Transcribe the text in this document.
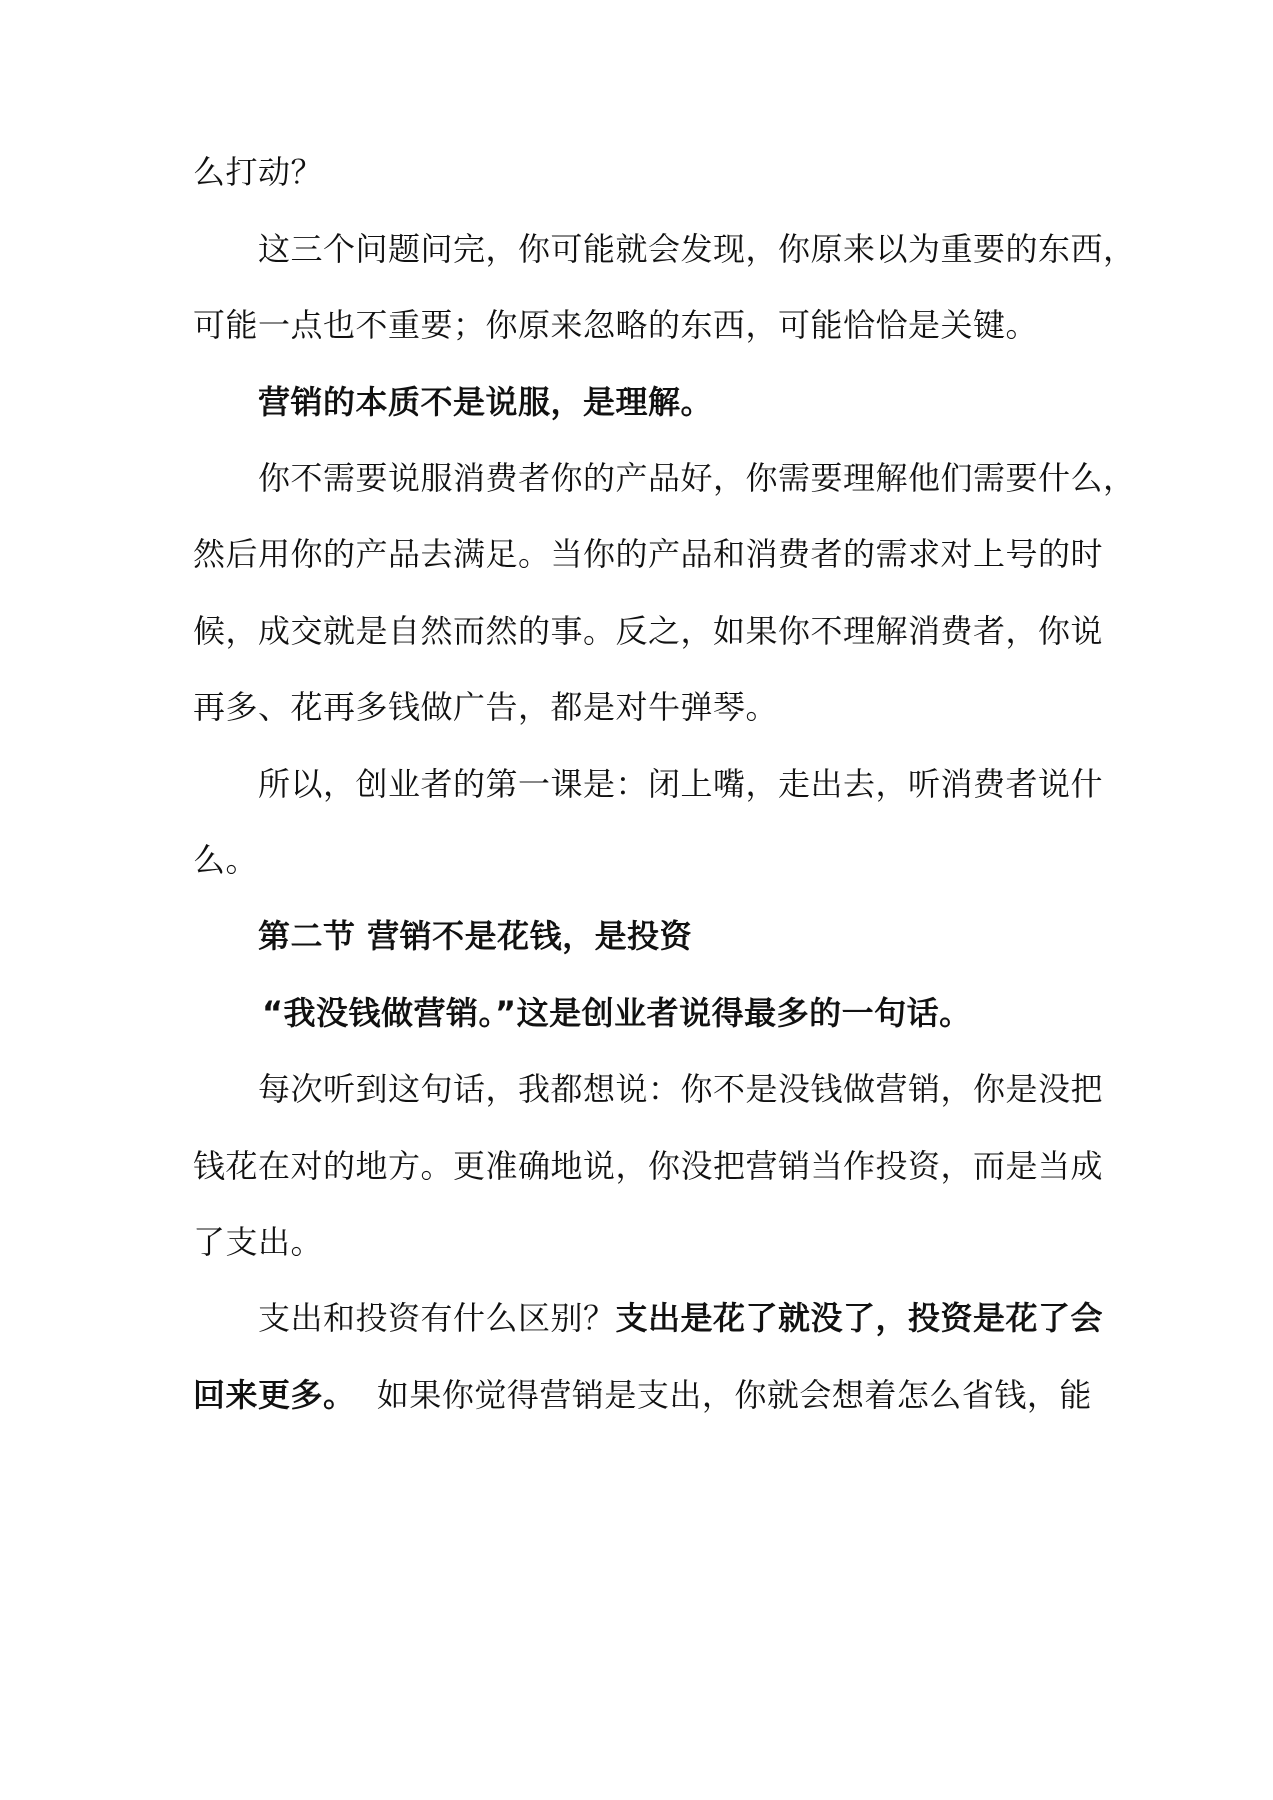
么打动？

这三个问题问完，你可能就会发现，你原来以为重要的东西，

可能一点也不重要；你原来忽略的东西，可能恰恰是关键。

营销的本质不是说服，是理解。

你不需要说服消费者你的产品好，你需要理解他们需要什么，

然后用你的产品去满足。当你的产品和消费者的需求对上号的时

候，成交就是自然而然的事。反之，如果你不理解消费者，你说

再多、花再多钱做广告，都是对牛弹琴。

所以，创业者的第一课是：闭上嘴，走出去，听消费者说什

么。

第二节 营销不是花钱，是投资

“我没钱做营销。”这是创业者说得最多的一句话。

每次听到这句话，我都想说：你不是没钱做营销，你是没把

钱花在对的地方。更准确地说，你没把营销当作投资，而是当成

了支出。

支出和投资有什么区别？支出是花了就没了，投资是花了会

回来更多。  如果你觉得营销是支出，你就会想着怎么省钱，能
